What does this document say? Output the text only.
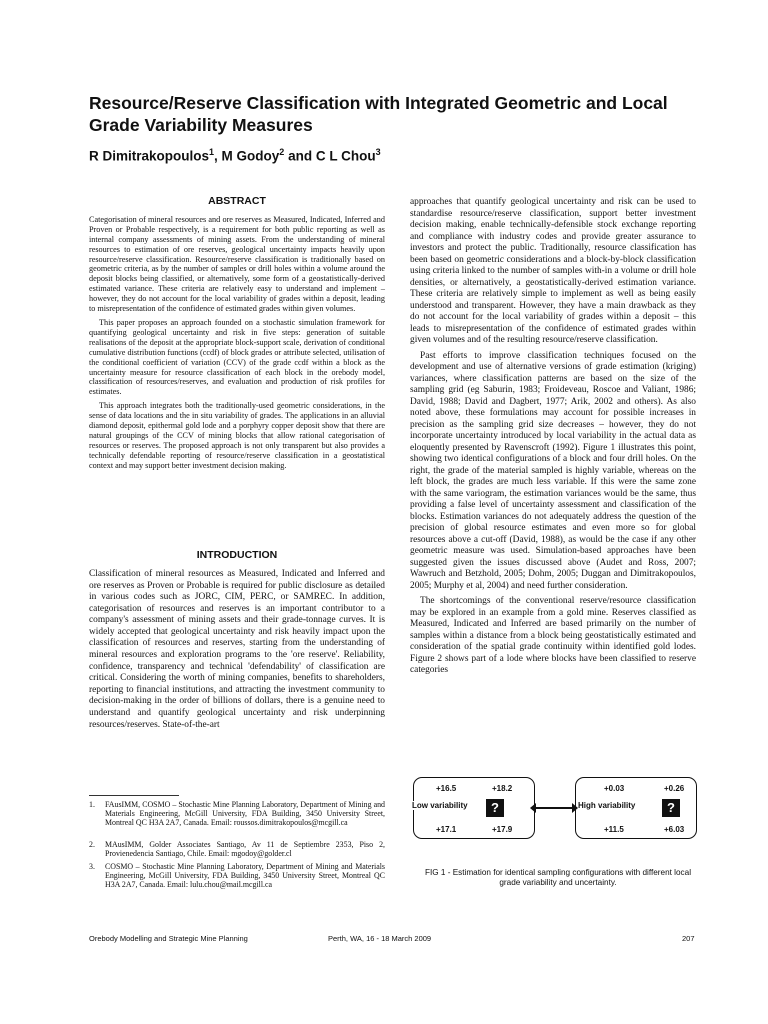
Resource/Reserve Classification with Integrated Geometric and Local Grade Variability Measures
R Dimitrakopoulos$^1$, M Godoy$^2$ and C L Chou$^3$
ABSTRACT

Categorisation of mineral resources and ore reserves as Measured, Indicated, Inferred and Proven or Probable respectively, is a requirement for both public reporting as well as internal company assessments of mining assets. From the understanding of mineral resources to estimation of ore reserves, geological uncertainty impacts heavily upon resource/reserve classification. Resource/reserve classification is traditionally based on geometric criteria, as by the number of samples or drill holes within a volume around the deposit blocks being classified, or alternatively, some form of a geostatistically-derived estimated variance. These criteria are relatively easy to understand and implement – however, they do not account for the local variability of grades within a deposit, leading to misrepresentation of the confidence of estimated grades within given volumes.

This paper proposes an approach founded on a stochastic simulation framework for quantifying geological uncertainty and risk in five steps: generation of suitable realisations of the deposit at the appropriate block-support scale, derivation of conditional cumulative distribution functions (ccdf) of block grades or attribute selected, utilisation of the conditional coefficient of variation (CCV) of the grade ccdf within a block as the uncertainty measure for resource classification of each block in the orebody model, classification of resources/reserves, and evaluation and production of risk profiles for estimates.

This approach integrates both the traditionally-used geometric considerations, in the sense of data locations and the in situ variability of grades. The applications in an alluvial diamond deposit, epithermal gold lode and a porphyry copper deposit show that there are natural groupings of the CCV of mining blocks that allow rational categorisation of resources or reserves. The proposed approach is not only transparent but also provides a technically defendable reporting of resource/reserve classification in a geostatistical context and may support better investment decision making.

INTRODUCTION

Classification of mineral resources as Measured, Indicated and Inferred and ore reserves as Proven or Probable is required for public disclosure as detailed in various codes such as JORC, CIM, PERC, or SAMREC. In addition, categorisation of resources and reserves is an important contributor to a company's assessment of mining assets and their grade-tonnage curves. It is widely accepted that geological uncertainty and risk heavily impact upon the classification of resources and reserves, starting from the understanding of mineral resources and exploration programs to the 'ore reserve'. Reliability, confidence, transparency and technical 'defendability' of classification are critical. Considering the worth of mining companies, benefits to shareholders, reporting to financial institutions, and attracting the investment community to decision-making in the order of billions of dollars, there is a genuine need to understand and quantify geological uncertainty and risk underpinning resources/reserves. State-of-the-art

1.	FAusIMM, COSMO – Stochastic Mine Planning Laboratory, Department of Mining and Materials Engineering, McGill University, FDA Building, 3450 University Street, Montreal QC H3A 2A7, Canada. Email: roussos.dimitrakopoulos@mcgill.ca
2.	MAusIMM, Golder Associates Santiago, Av 11 de Septiembre 2353, Piso 2, Provienedencia Santiago, Chile. Email: mgodoy@golder.cl
3.	COSMO – Stochastic Mine Planning Laboratory, Department of Mining and Materials Engineering, McGill University, FDA Building, 3450 University Street, Montreal QC H3A 2A7, Canada. Email: lulu.chou@mail.mcgill.ca

approaches that quantify geological uncertainty and risk can be used to standardise resource/reserve classification, support better investment decision making, enable technically-defensible stock exchange reporting and compliance with industry codes and provide greater assurance to investors and protect the public. Traditionally, resource classification has been based on geometric considerations and a block-by-block classification using criteria linked to the number of samples with-in a volume or drill hole densities, or alternatively, a geostatistically-derived estimation variance. These criteria are relatively simple to implement as well as being easily understood and transparent. However, they have a main drawback as they do not account for the local variability of grades within a deposit – this leads to misrepresentation of the confidence of estimated grades within given volumes and of the resulting resource/reserve classification.

Past efforts to improve classification techniques focused on the development and use of alternative versions of grade estimation (kriging) variances, where classification patterns are based on the size of the sampling grid (eg Saburin, 1983; Froideveau, Roscoe and Valiant, 1986; David, 1988; David and Dagbert, 1977; Arik, 2002 and others). As also noted above, these formulations may account for possible increases in precision as the sampling grid size decreases – however, they do not incorporate uncertainty introduced by local variability in the actual data as eloquently presented by Ravenscroft (1992). Figure 1 illustrates this point, showing two identical configurations of a block and four drill holes. On the right, the grade of the material sampled is highly variable, whereas on the left block, the grades are much less variable. If this were the same zone with the same variogram, the estimation variances would be the same, thus providing a false level of uncertainty assessment and classification of the blocks. Estimation variances do not adequately address the question of the precision of global resource estimates and even more so for global resources above a cut-off (David, 1988), as would be the case if any other geometric measure was used. Simulation-based approaches have been suggested given the issues discussed above (Audet and Ross, 2007; Wawruch and Betzhold, 2005; Dohm, 2005; Duggan and Dimitrakopoulos, 2005; Murphy et al, 2004) and need further consideration.

The shortcomings of the conventional reserve/resource classification may be explored in an example from a gold mine. Reserves classified as Measured, Indicated and Inferred are based primarily on the number of samples within a distance from a block being geostatistically estimated and consideration of the spatial grade continuity within identified gold lodes. Figure 2 shows part of a lode where blocks have been classified to reserve categories

+16.5	+18.2
Low variability	?
+17.1	+17.9
+0.03	+0.26
High variability	?
+11.5	+6.03

FIG 1 - Estimation for identical sampling configurations with different local grade variability and uncertainty.

Orebody Modelling and Strategic Mine Planning	Perth, WA, 16 - 18 March 2009	207
